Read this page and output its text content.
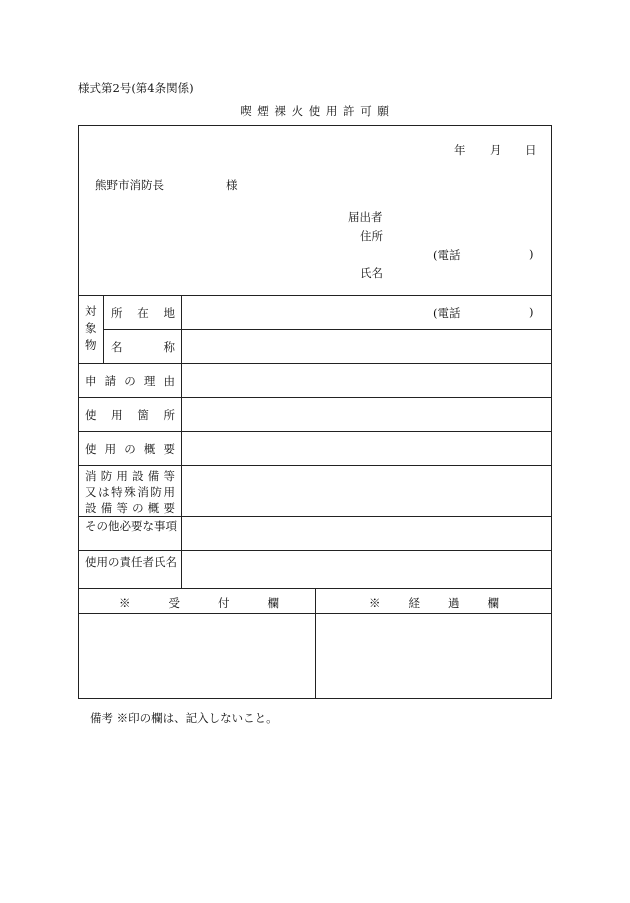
様式第2号(第4条関係)
喫 煙 裸 火 使 用 許 可 願
年 月 日
熊野市消防長	様
届出者
住所
(電話	)
氏名
対象物
所 在 地	(電話	)
名 称
申 請 の 理 由
使 用 箇 所
使 用 の 概 要
消防用設備等
又は特殊消防用
設備等の概要
その他必要な事項
使用の責任者氏名
※ 受 付 欄	※ 経 過 欄
備考 ※印の欄は、記入しないこと。
